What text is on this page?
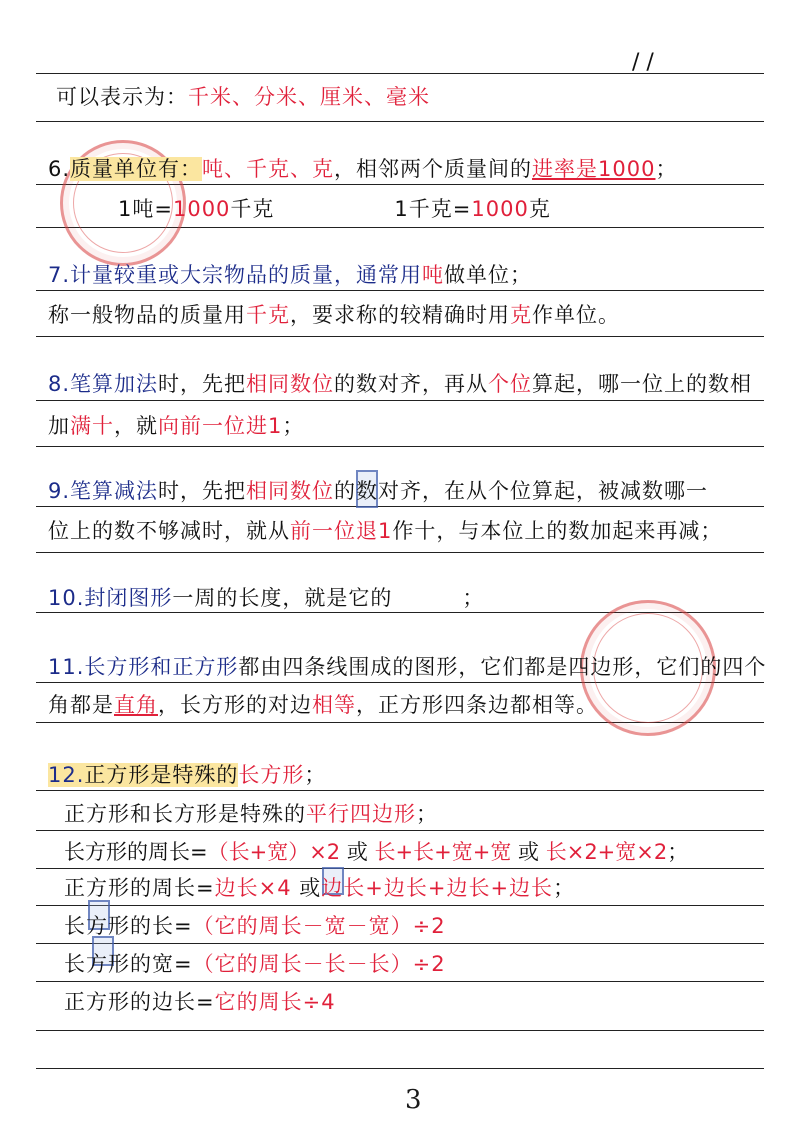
/ /
可以表示为：千米、分米、厘米、毫米
6.质量单位有：吨、千克、克，相邻两个质量间的进率是1000；
1吨=1000千克	1千克=1000克
7.计量较重或大宗物品的质量，通常用吨做单位；
称一般物品的质量用千克，要求称的较精确时用克作单位。
8.笔算加法时，先把相同数位的数对齐，再从个位算起，哪一位上的数相
加满十，就向前一位进1；
9.笔算减法时，先把相同数位的数对齐，在从个位算起，被减数哪一
位上的数不够减时，就从前一位退1作十，与本位上的数加起来再减；
10.封闭图形一周的长度，就是它的	；
11.长方形和正方形都由四条线围成的图形，它们都是四边形，它们的四个
角都是直角，长方形的对边相等，正方形四条边都相等。
12.正方形是特殊的长方形；
正方形和长方形是特殊的平行四边形；
长方形的周长=（长+宽）×2 或 长+长+宽+宽 或 长×2+宽×2；
正方形的周长=边长×4 或边长+边长+边长+边长；
长方形的长=（它的周长－宽－宽）÷2
长方形的宽=（它的周长－长－长）÷2
正方形的边长=它的周长÷4
3
